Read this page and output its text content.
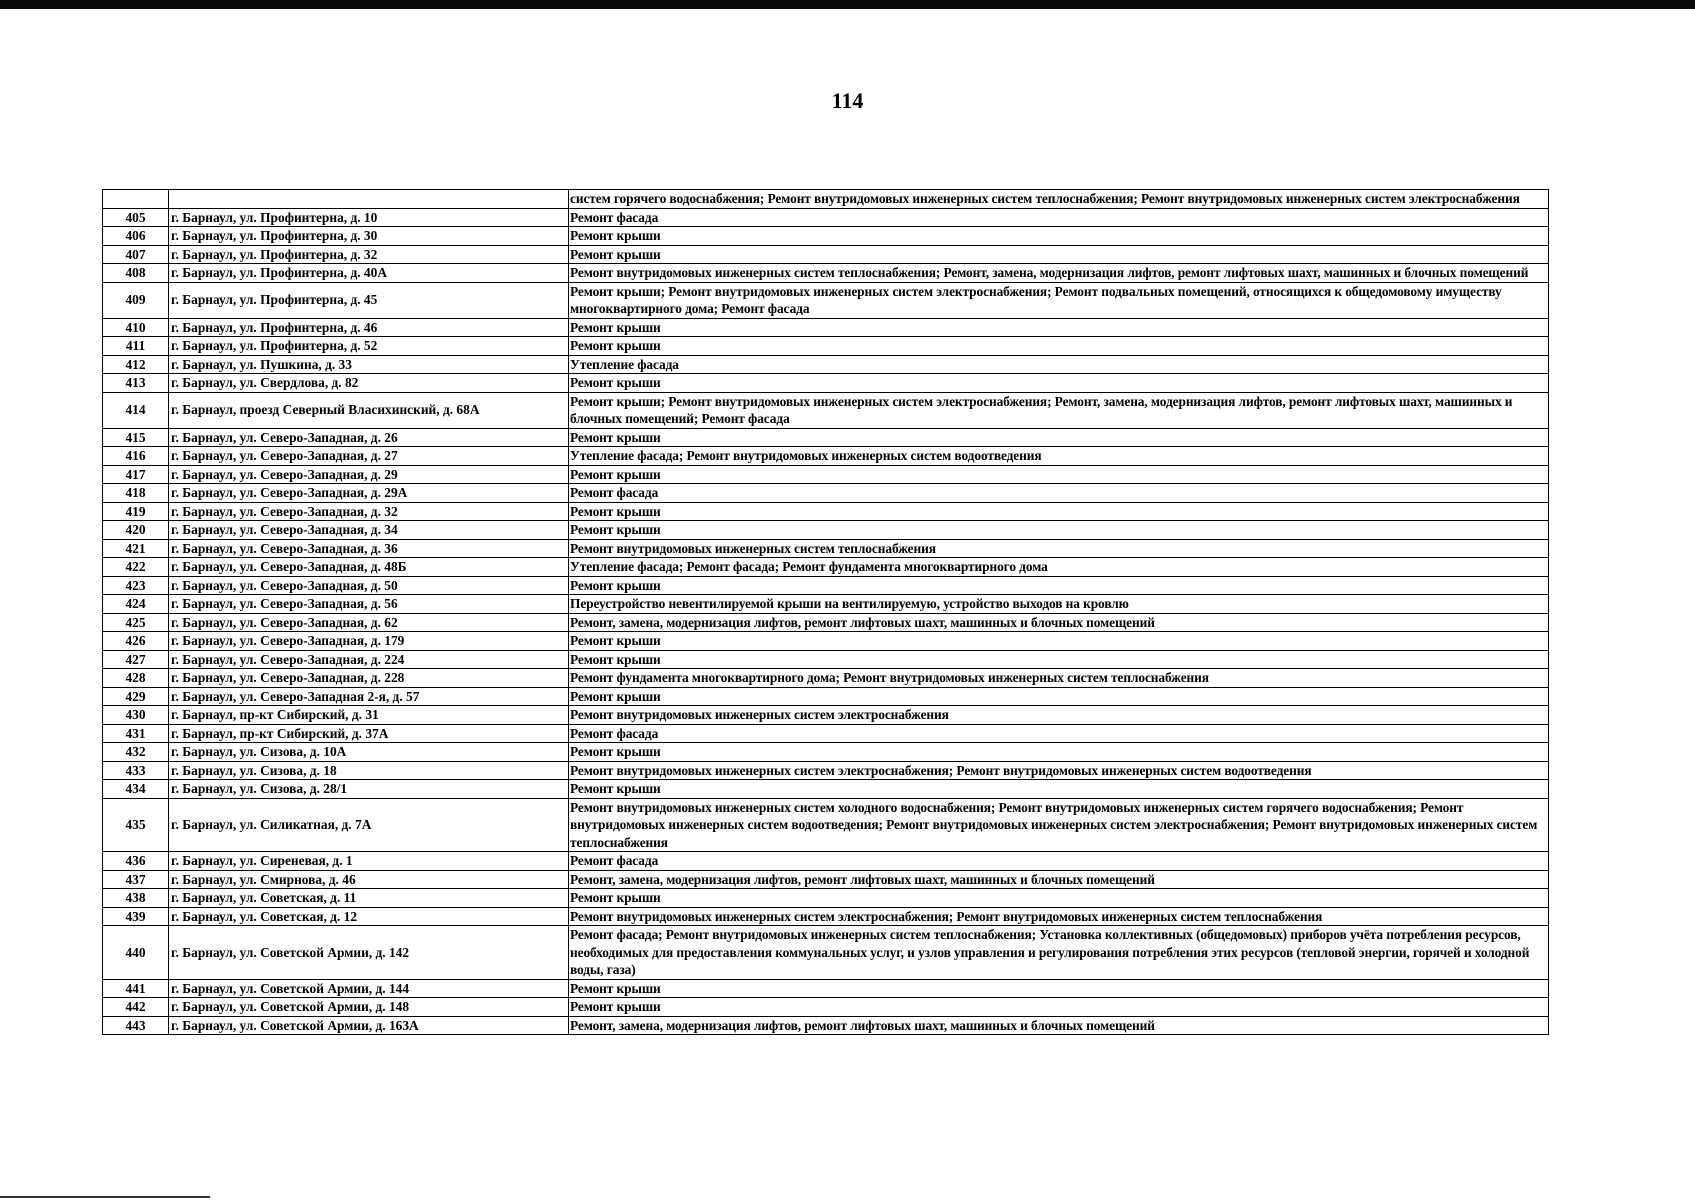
114
		систем горячего водоснабжения; Ремонт внутридомовых инженерных систем теплоснабжения; Ремонт внутридомовых инженерных систем электроснабжения
405	г. Барнаул, ул. Профинтерна, д. 10	Ремонт фасада
406	г. Барнаул, ул. Профинтерна, д. 30	Ремонт крыши
407	г. Барнаул, ул. Профинтерна, д. 32	Ремонт крыши
408	г. Барнаул, ул. Профинтерна, д. 40А	Ремонт внутридомовых инженерных систем теплоснабжения; Ремонт, замена, модернизация лифтов, ремонт лифтовых шахт, машинных и блочных помещений
409	г. Барнаул, ул. Профинтерна, д. 45	Ремонт крыши; Ремонт внутридомовых инженерных систем электроснабжения; Ремонт подвальных помещений, относящихся к общедомовому имуществу многоквартирного дома; Ремонт фасада
410	г. Барнаул, ул. Профинтерна, д. 46	Ремонт крыши
411	г. Барнаул, ул. Профинтерна, д. 52	Ремонт крыши
412	г. Барнаул, ул. Пушкина, д. 33	Утепление фасада
413	г. Барнаул, ул. Свердлова, д. 82	Ремонт крыши
414	г. Барнаул, проезд Северный Власихинский, д. 68А	Ремонт крыши; Ремонт внутридомовых инженерных систем электроснабжения; Ремонт, замена, модернизация лифтов, ремонт лифтовых шахт, машинных и блочных помещений; Ремонт фасада
415	г. Барнаул, ул. Северо-Западная, д. 26	Ремонт крыши
416	г. Барнаул, ул. Северо-Западная, д. 27	Утепление фасада; Ремонт внутридомовых инженерных систем водоотведения
417	г. Барнаул, ул. Северо-Западная, д. 29	Ремонт крыши
418	г. Барнаул, ул. Северо-Западная, д. 29А	Ремонт фасада
419	г. Барнаул, ул. Северо-Западная, д. 32	Ремонт крыши
420	г. Барнаул, ул. Северо-Западная, д. 34	Ремонт крыши
421	г. Барнаул, ул. Северо-Западная, д. 36	Ремонт внутридомовых инженерных систем теплоснабжения
422	г. Барнаул, ул. Северо-Западная, д. 48Б	Утепление фасада; Ремонт фасада; Ремонт фундамента многоквартирного дома
423	г. Барнаул, ул. Северо-Западная, д. 50	Ремонт крыши
424	г. Барнаул, ул. Северо-Западная, д. 56	Переустройство невентилируемой крыши на вентилируемую, устройство выходов на кровлю
425	г. Барнаул, ул. Северо-Западная, д. 62	Ремонт, замена, модернизация лифтов, ремонт лифтовых шахт, машинных и блочных помещений
426	г. Барнаул, ул. Северо-Западная, д. 179	Ремонт крыши
427	г. Барнаул, ул. Северо-Западная, д. 224	Ремонт крыши
428	г. Барнаул, ул. Северо-Западная, д. 228	Ремонт фундамента многоквартирного дома; Ремонт внутридомовых инженерных систем теплоснабжения
429	г. Барнаул, ул. Северо-Западная 2-я, д. 57	Ремонт крыши
430	г. Барнаул, пр-кт Сибирский, д. 31	Ремонт внутридомовых инженерных систем электроснабжения
431	г. Барнаул, пр-кт Сибирский, д. 37А	Ремонт фасада
432	г. Барнаул, ул. Сизова, д. 10А	Ремонт крыши
433	г. Барнаул, ул. Сизова, д. 18	Ремонт внутридомовых инженерных систем электроснабжения; Ремонт внутридомовых инженерных систем водоотведения
434	г. Барнаул, ул. Сизова, д. 28/1	Ремонт крыши
435	г. Барнаул, ул. Силикатная, д. 7А	Ремонт внутридомовых инженерных систем холодного водоснабжения; Ремонт внутридомовых инженерных систем горячего водоснабжения; Ремонт внутридомовых инженерных систем водоотведения; Ремонт внутридомовых инженерных систем электроснабжения; Ремонт внутридомовых инженерных систем теплоснабжения
436	г. Барнаул, ул. Сиреневая, д. 1	Ремонт фасада
437	г. Барнаул, ул. Смирнова, д. 46	Ремонт, замена, модернизация лифтов, ремонт лифтовых шахт, машинных и блочных помещений
438	г. Барнаул, ул. Советская, д. 11	Ремонт крыши
439	г. Барнаул, ул. Советская, д. 12	Ремонт внутридомовых инженерных систем электроснабжения; Ремонт внутридомовых инженерных систем теплоснабжения
440	г. Барнаул, ул. Советской Армии, д. 142	Ремонт фасада; Ремонт внутридомовых инженерных систем теплоснабжения; Установка коллективных (общедомовых) приборов учёта потребления ресурсов, необходимых для предоставления коммунальных услуг, и узлов управления и регулирования потребления этих ресурсов (тепловой энергии, горячей и холодной воды, газа)
441	г. Барнаул, ул. Советской Армии, д. 144	Ремонт крыши
442	г. Барнаул, ул. Советской Армии, д. 148	Ремонт крыши
443	г. Барнаул, ул. Советской Армии, д. 163А	Ремонт, замена, модернизация лифтов, ремонт лифтовых шахт, машинных и блочных помещений
